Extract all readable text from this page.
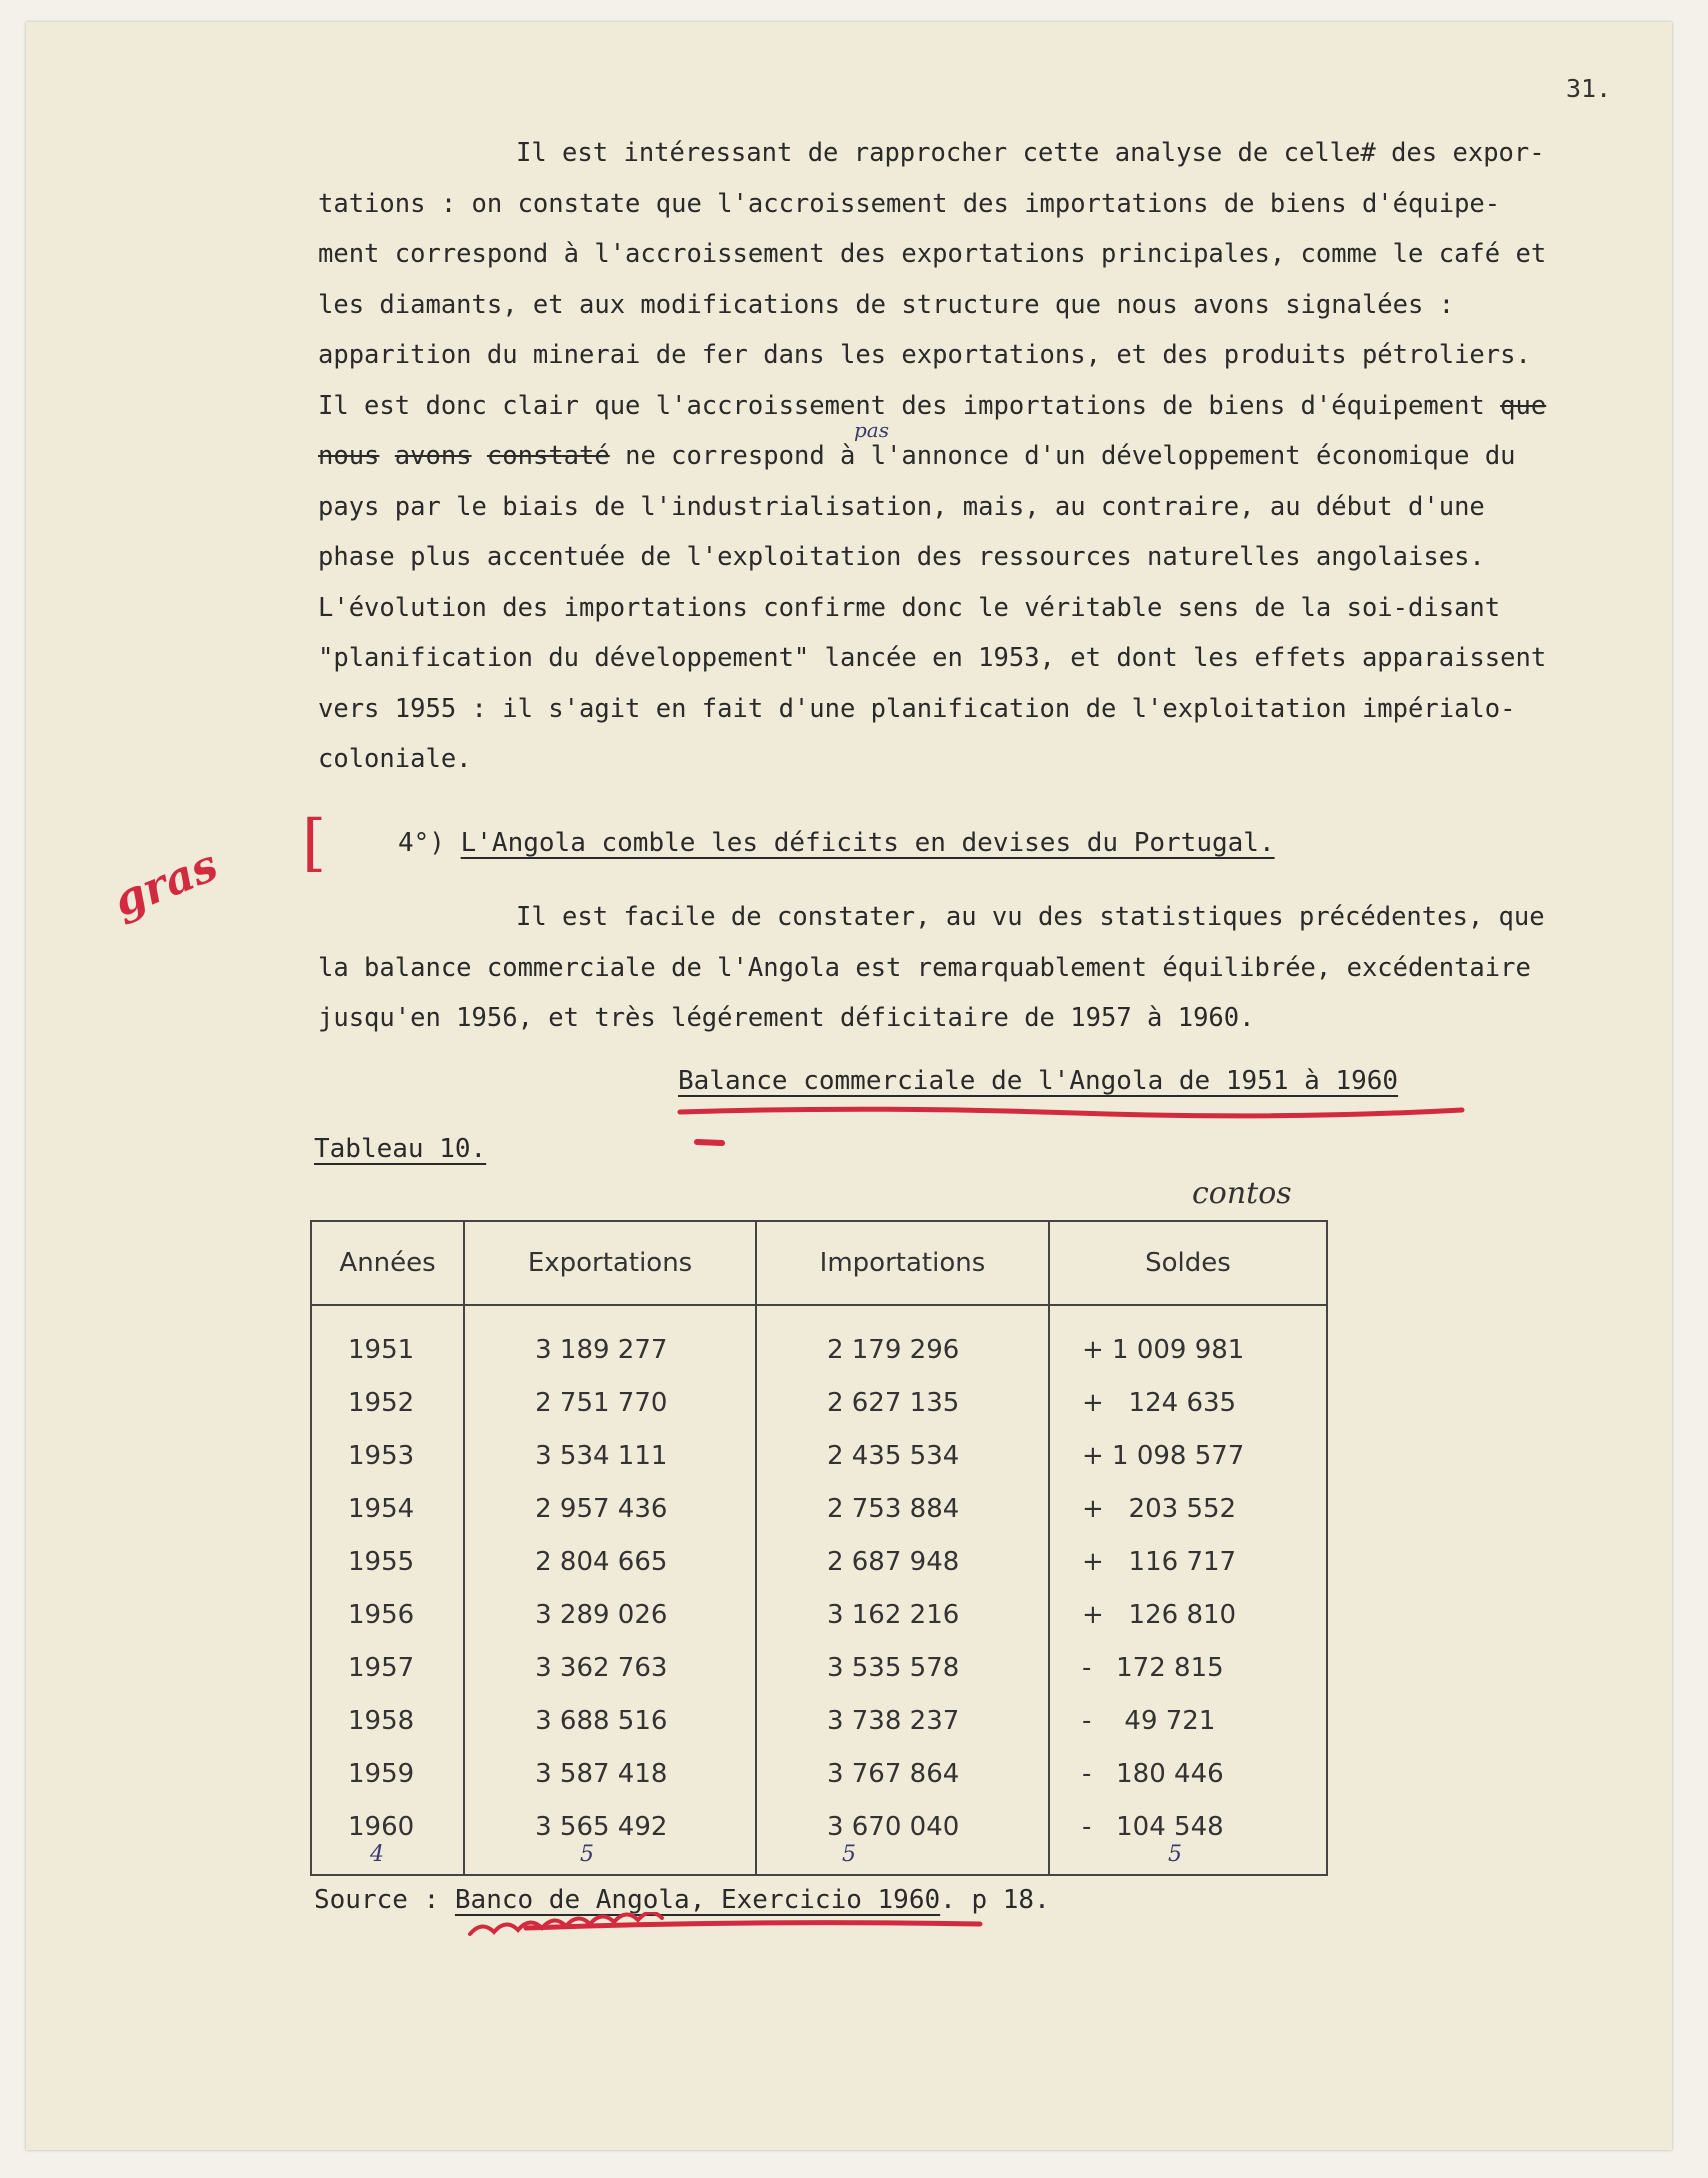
31.
Il est intéressant de rapprocher cette analyse de celle# des expor-
tations : on constate que l'accroissement des importations de biens d'équipe-
ment correspond à l'accroissement des exportations principales, comme le café et
les diamants, et aux modifications de structure que nous avons signalées :
apparition du minerai de fer dans les exportations, et des produits pétroliers.
Il est donc clair que l'accroissement des importations de biens d'équipement que
nous avons constaté ne correspond à l'annonce d'un développement économique du
pas
pays par le biais de l'industrialisation, mais, au contraire, au début d'une
phase plus accentuée de l'exploitation des ressources naturelles angolaises.
L'évolution des importations confirme donc le véritable sens de la soi-disant
"planification du développement" lancée en 1953, et dont les effets apparaissent
vers 1955 : il s'agit en fait d'une planification de l'exploitation impérialo-
coloniale.
gras [	4°) L'Angola comble les déficits en devises du Portugal.
Il est facile de constater, au vu des statistiques précédentes, que
la balance commerciale de l'Angola est remarquablement équilibrée, excédentaire
jusqu'en 1956, et très légérement déficitaire de 1957 à 1960.
Balance commerciale de l'Angola de 1951 à 1960
Tableau 10.
contos
Années	Exportations	Importations	Soldes
1951	3 189 277	2 179 296	+ 1 009 981
1952	2 751 770	2 627 135	+   124 635
1953	3 534 111	2 435 534	+ 1 098 577
1954	2 957 436	2 753 884	+   203 552
1955	2 804 665	2 687 948	+   116 717
1956	3 289 026	3 162 216	+   126 810
1957	3 362 763	3 535 578	-   172 815
1958	3 688 516	3 738 237	-    49 721
1959	3 587 418	3 767 864	-   180 446
1960	3 565 492	3 670 040	-   104 548
4	5	5	5
Source : Banco de Angola, Exercicio 1960. p 18.
